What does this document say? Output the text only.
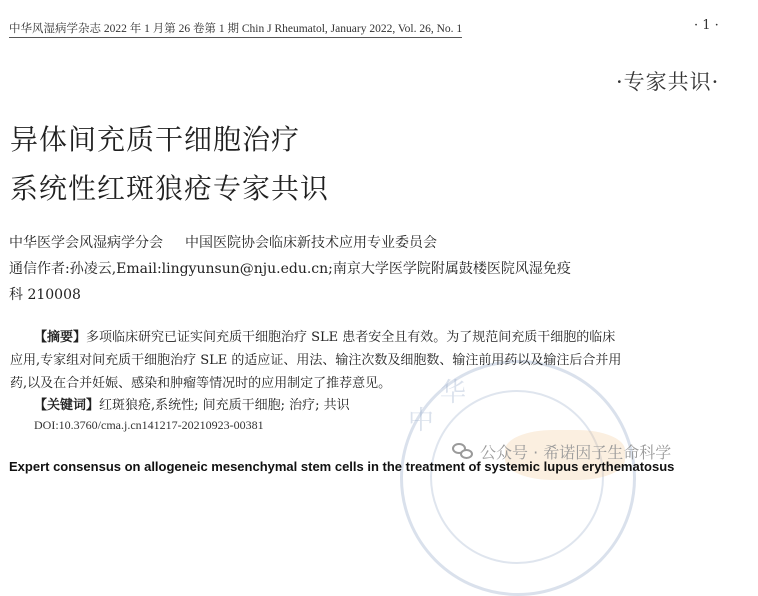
中
华
中华风湿病学杂志 2022 年 1 月第 26 卷第 1 期 Chin J Rheumatol, January 2022, Vol. 26, No. 1	· 1 ·
·专家共识·
异体间充质干细胞治疗
系统性红斑狼疮专家共识
中华医学会风湿病学分会 中国医院协会临床新技术应用专业委员会
通信作者:孙凌云,Email:lingyunsun@nju.edu.cn;南京大学医学院附属鼓楼医院风湿免疫
科 210008
【摘要】多项临床研究已证实间充质干细胞治疗 SLE 患者安全且有效。为了规范间充质干细胞的临床应用,专家组对间充质干细胞治疗 SLE 的适应证、用法、输注次数及细胞数、输注前用药以及输注后合并用药,以及在合并妊娠、感染和肿瘤等情况时的应用制定了推荐意见。
【关键词】红斑狼疮,系统性; 间充质干细胞; 治疗; 共识
DOI:10.3760/cma.j.cn141217-20210923-00381
公众号 · 希诺因子生命科学
Expert consensus on allogeneic mesenchymal stem cells in the treatment of systemic lupus erythematosus
